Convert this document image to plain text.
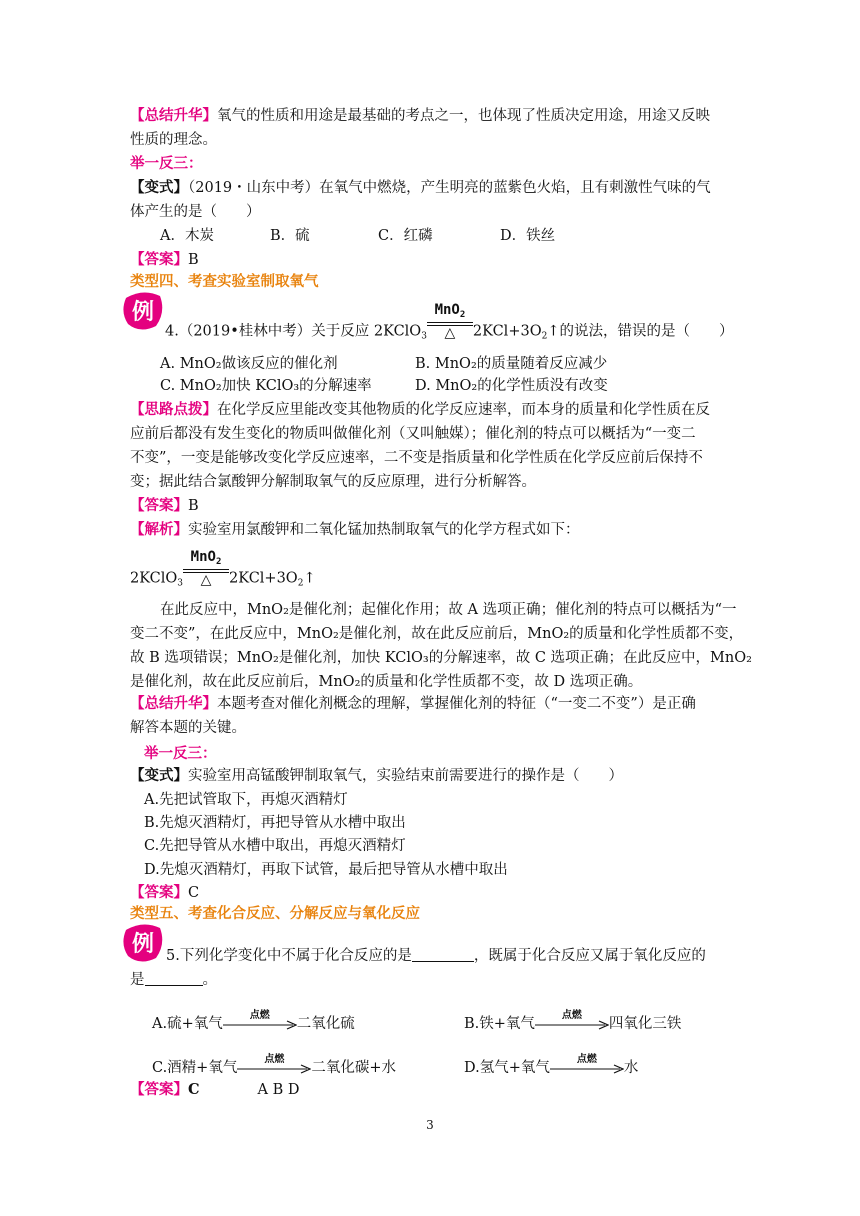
【总结升华】氧气的性质和用途是最基础的考点之一，也体现了性质决定用途，用途又反映
性质的理念。
举一反三：
【变式】（2019・山东中考）在氧气中燃烧，产生明亮的蓝紫色火焰，且有刺激性气味的气
体产生的是（　　）
A．木炭	B．硫	C．红磷	D．铁丝
【答案】B
类型四、考查实验室制取氧气
例
4.（2019•桂林中考）关于反应 2KClO$_3$
MnO$_2$
△	$2KCl+3O_2↑$的说法，错误的是（　　）
A. MnO₂做该反应的催化剂	B. MnO₂的质量随着反应减少
C. MnO₂加快 KClO₃的分解速率	D. MnO₂的化学性质没有改变
【思路点拨】在化学反应里能改变其他物质的化学反应速率，而本身的质量和化学性质在反
应前后都没有发生变化的物质叫做催化剂（又叫触媒）；催化剂的特点可以概括为“一变二
不变”，一变是能够改变化学反应速率，二不变是指质量和化学性质在化学反应前后保持不
变；据此结合氯酸钾分解制取氧气的反应原理，进行分析解答。
【答案】B
【解析】实验室用氯酸钾和二氧化锰加热制取氧气的化学方程式如下：
2KClO$_3$
MnO$_2$
△	$2KCl+3O_2↑$
在此反应中，MnO₂是催化剂；起催化作用；故 A 选项正确；催化剂的特点可以概括为“一
变二不变”，在此反应中，MnO₂是催化剂，故在此反应前后，MnO₂的质量和化学性质都不变，
故 B 选项错误；MnO₂是催化剂，加快 KClO₃的分解速率，故 C 选项正确；在此反应中，MnO₂
是催化剂，故在此反应前后，MnO₂的质量和化学性质都不变，故 D 选项正确。
【总结升华】本题考查对催化剂概念的理解，掌握催化剂的特征（“一变二不变”）是正确
解答本题的关键。
举一反三：
【变式】实验室用高锰酸钾制取氧气，实验结束前需要进行的操作是（　　）
A.先把试管取下，再熄灭酒精灯
B.先熄灭酒精灯，再把导管从水槽中取出
C.先把导管从水槽中取出，再熄灭酒精灯
D.先熄灭酒精灯，再取下试管，最后把导管从水槽中取出
【答案】C
类型五、考查化合反应、分解反应与氧化反应
例 5.下列化学变化中不属于化合反应的是	，既属于化合反应又属于氧化反应的
是	。
A.硫+氧气
点燃
二氧化硫	B.铁+氧气
点燃
四氧化三铁
C.酒精+氧气
点燃
二氧化碳+水	D.氢气+氧气
点燃
水
【答案】C	A B D
3
